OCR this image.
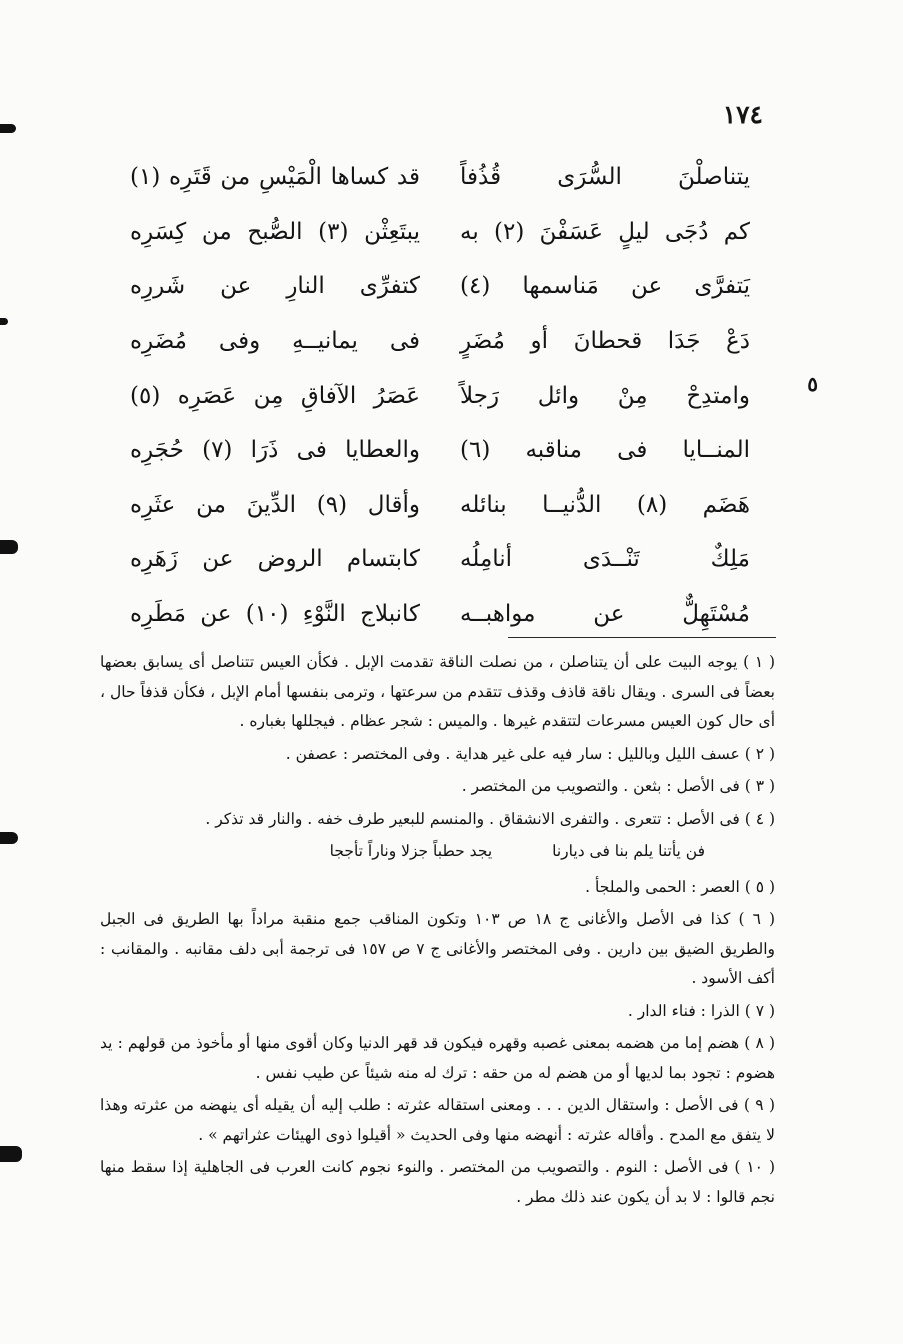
١٧٤
٥
يتناصلْنَ السُّرَى قُذُفاً
قد كساها الْمَيْسِ من قَتَرِه (١)
كم دُجَى ليلٍ عَسَفْنَ (٢) به
يبتَعِثْن (٣) الصُّبح من كِسَرِه
يَتفرَّى عن مَناسمها (٤)
كتفرِّى النارِ عن شَررِه
دَعْ جَدَا قحطانَ أو مُضَرٍ
فى يمانيــهِ وفى مُضَرِه
وامتدِحْ مِنْ وائل رَجلاً
عَصَرُ الآفاقِ مِن عَصَرِه (٥)
المنــايا فى مناقبه (٦)
والعطايا فى ذَرَا (٧) حُجَرِه
هَضَم (٨) الدُّنيــا بنائله
وأقال (٩) الدِّينَ من عثَرِه
مَلِكٌ تَنْــدَى أنامِلُه
كابتسام الروض عن زَهَرِه
مُسْتَهِلٌّ عن مواهبــه
كانبلاج النَّوْءِ (١٠) عن مَطَرِه

( ١ ) يوجه البيت على أن يتناصلن ، من نصلت الناقة تقدمت الإبل . فكأن العيس تتناصل أى يسابق بعضها بعضاً فى السرى . ويقال ناقة قاذف وقذف تتقدم من سرعتها ، وترمى بنفسها أمام الإبل ، فكأن قذفاً حال ، أى حال كون العيس مسرعات لتتقدم غيرها . والميس : شجر عظام . فيجللها بغباره .

( ٢ ) عسف الليل وبالليل : سار فيه على غير هداية . وفى المختصر : عصفن .

( ٣ ) فى الأصل : بثعن . والتصويب من المختصر .

( ٤ ) فى الأصل : تتعرى . والتفرى الانشقاق . والمنسم للبعير طرف خفه . والنار قد تذكر .

فن يأتنا يلم بنا فى ديارنا
يجد حطباً جزلا وناراً تأججا

( ٥ ) العصر : الحمى والملجأ .

( ٦ ) كذا فى الأصل والأغانى ج ١٨ ص ١٠٣ وتكون المناقب جمع منقبة مراداً بها الطريق فى الجبل والطريق الضيق بين دارين . وفى المختصر والأغانى ج ٧ ص ١٥٧ فى ترجمة أبى دلف مقانبه . والمقانب : أكف الأسود .

( ٧ ) الذرا : فناء الدار .

( ٨ ) هضم إما من هضمه بمعنى غصبه وقهره فيكون قد قهر الدنيا وكان أقوى منها أو مأخوذ من قولهم : يد هضوم : تجود بما لديها أو من هضم له من حقه : ترك له منه شيئاً عن طيب نفس .

( ٩ ) فى الأصل : واستقال الدين . . . ومعنى استقاله عثرته : طلب إليه أن يقيله أى ينهضه من عثرته وهذا لا يتفق مع المدح . وأقاله عثرته : أنهضه منها وفى الحديث « أقيلوا ذوى الهيئات عثراتهم » .

( ١٠ ) فى الأصل : النوم . والتصويب من المختصر . والنوء نجوم كانت العرب فى الجاهلية إذا سقط منها نجم قالوا : لا بد أن يكون عند ذلك مطر .
